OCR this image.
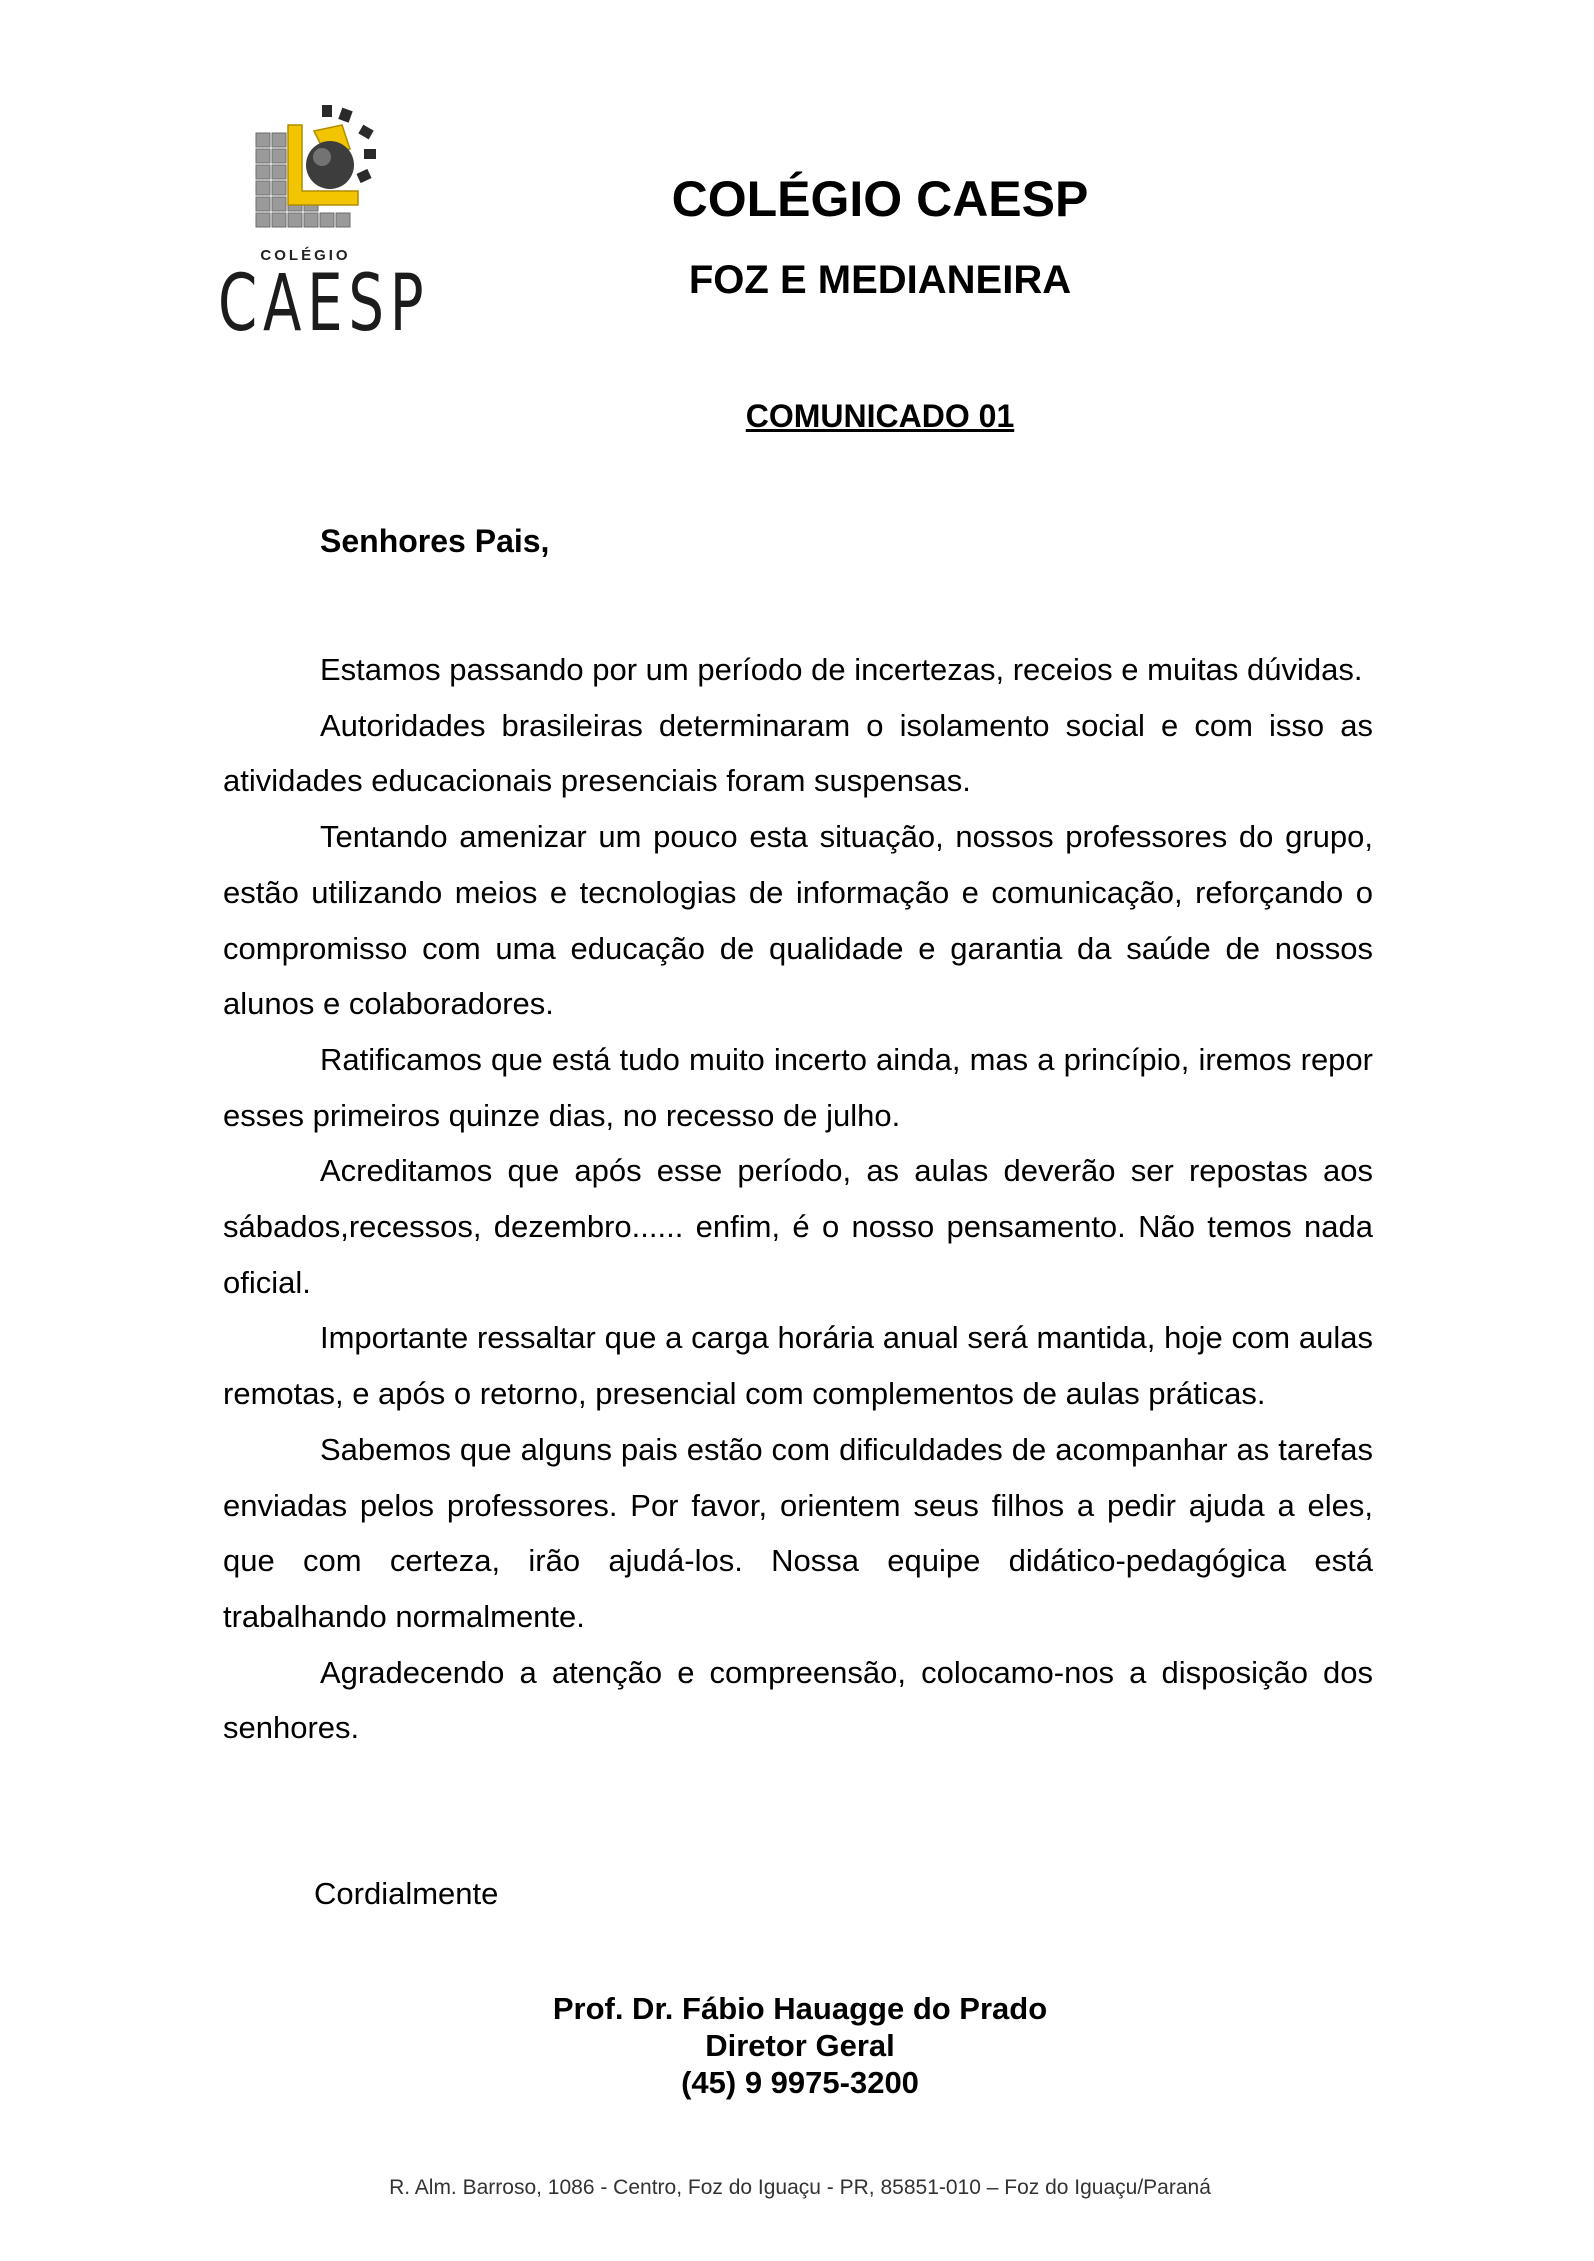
COLÉGIO
CAESP
COLÉGIO CAESP
FOZ E MEDIANEIRA
COMUNICADO 01
Senhores Pais,

Estamos passando por um período de incertezas, receios e muitas dúvidas.

Autoridades brasileiras determinaram o isolamento social e com isso as atividades educacionais presenciais foram suspensas.

Tentando amenizar um pouco esta situação, nossos professores do grupo, estão utilizando meios e tecnologias de informação e comunicação, reforçando o compromisso com uma educação de qualidade e garantia da saúde de nossos alunos e colaboradores.

Ratificamos que está tudo muito incerto ainda, mas a princípio, iremos repor esses primeiros quinze dias, no recesso de julho.

Acreditamos que após esse período, as aulas deverão ser repostas aos sábados,recessos, dezembro...... enfim, é o nosso pensamento. Não temos nada oficial.

Importante ressaltar que a carga horária anual será mantida, hoje com aulas remotas, e após o retorno, presencial com complementos de aulas práticas.

Sabemos que alguns pais estão com dificuldades de acompanhar as tarefas enviadas pelos professores. Por favor, orientem seus filhos a pedir ajuda a eles, que com certeza, irão ajudá-los. Nossa equipe didático-pedagógica está trabalhando normalmente.

Agradecendo a atenção e compreensão, colocamo-nos a disposição dos senhores.

Cordialmente
Prof. Dr. Fábio Hauagge do Prado
Diretor Geral
(45) 9 9975-3200
R. Alm. Barroso, 1086 - Centro, Foz do Iguaçu - PR, 85851-010 – Foz do Iguaçu/Paraná
